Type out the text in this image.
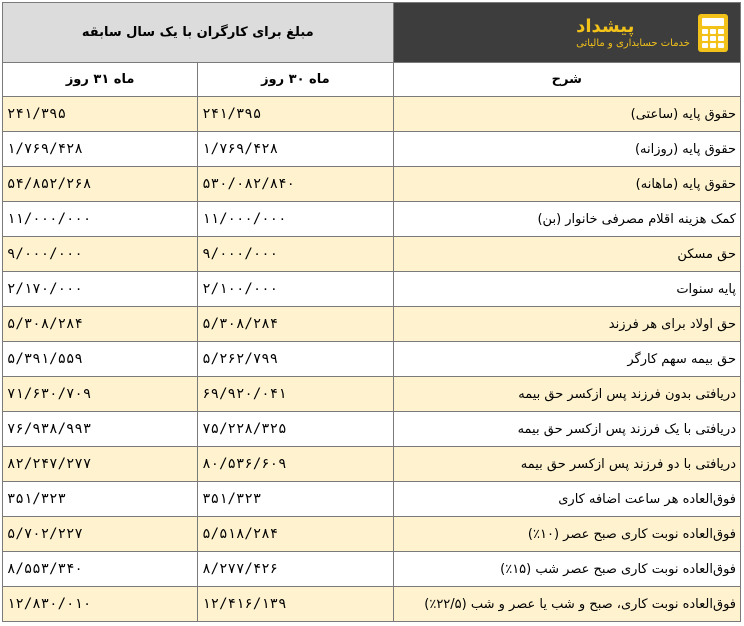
مبلغ برای کارگران با یک سال سابقه		پیشداد
خدمات حسابداری و مالیاتی

ماه ۳۱ روز	ماه ۳۰ روز	شرح
۲۴۱/۳۹۵	۲۴۱/۳۹۵	حقوق پایه (ساعتی)
۱/۷۶۹/۴۲۸	۱/۷۶۹/۴۲۸	حقوق پایه (روزانه)
۵۴/۸۵۲/۲۶۸	۵۳۰/۰۸۲/۸۴۰	حقوق پایه (ماهانه)
۱۱/۰۰۰/۰۰۰	۱۱/۰۰۰/۰۰۰	کمک هزینه اقلام مصرفی خانوار (بن)
۹/۰۰۰/۰۰۰	۹/۰۰۰/۰۰۰	حق مسکن
۲/۱۷۰/۰۰۰	۲/۱۰۰/۰۰۰	پایه سنوات
۵/۳۰۸/۲۸۴	۵/۳۰۸/۲۸۴	حق اولاد برای هر فرزند
۵/۳۹۱/۵۵۹	۵/۲۶۲/۷۹۹	حق بیمه سهم کارگر
۷۱/۶۳۰/۷۰۹	۶۹/۹۲۰/۰۴۱	دریافتی بدون فرزند پس ازکسر حق بیمه
۷۶/۹۳۸/۹۹۳	۷۵/۲۲۸/۳۲۵	دریافتی با یک فرزند پس ازکسر حق بیمه
۸۲/۲۴۷/۲۷۷	۸۰/۵۳۶/۶۰۹	دریافتی با دو فرزند پس ازکسر حق بیمه
۳۵۱/۳۲۳	۳۵۱/۳۲۳	فوق‌العاده هر ساعت اضافه کاری
۵/۷۰۲/۲۲۷	۵/۵۱۸/۲۸۴	فوق‌العاده نوبت کاری صبح عصر (۱۰٪)
۸/۵۵۳/۳۴۰	۸/۲۷۷/۴۲۶	فوق‌العاده نوبت کاری صبح عصر شب (۱۵٪)
۱۲/۸۳۰/۰۱۰	۱۲/۴۱۶/۱۳۹	فوق‌العاده نوبت کاری، صبح و شب یا عصر و شب (۲۲/۵٪)
